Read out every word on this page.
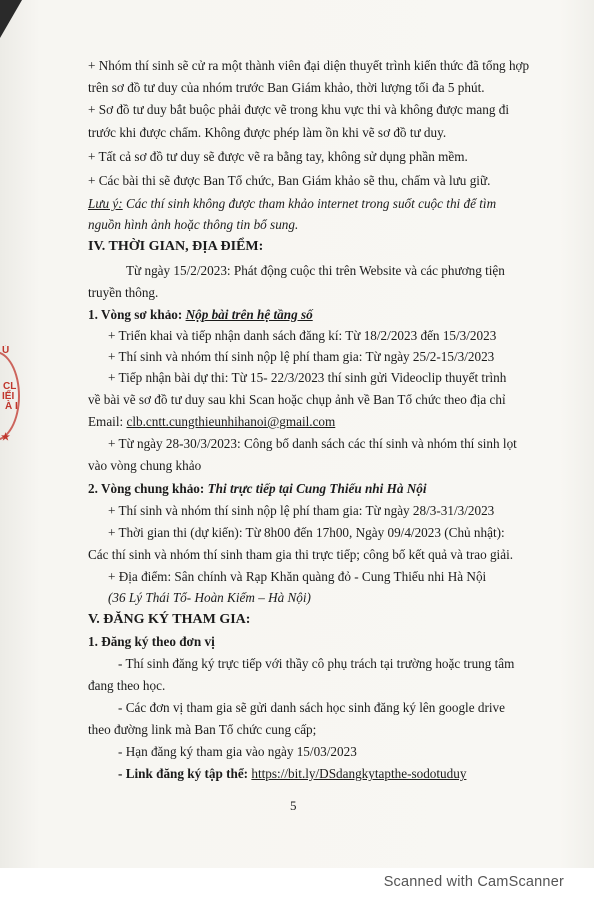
Ú
CL
IẾI
À I
★
+ Nhóm thí sinh sẽ cử ra một thành viên đại diện thuyết trình kiến thức đã tổng hợp
trên sơ đồ tư duy của nhóm trước Ban Giám khảo, thời lượng tối đa 5 phút.
+ Sơ đồ tư duy bắt buộc phải được vẽ trong khu vực thi và không được mang đi
trước khi được chấm. Không được phép làm ồn khi vẽ sơ đồ tư duy.
+ Tất cả sơ đồ tư duy sẽ được vẽ ra bằng tay, không sử dụng phần mềm.
+ Các bài thi sẽ được Ban Tổ chức, Ban Giám khảo sẽ thu, chấm và lưu giữ.
Lưu ý: Các thí sinh không được tham khảo internet trong suốt cuộc thi để tìm
nguồn hình ảnh hoặc thông tin bổ sung.
IV. THỜI GIAN, ĐỊA ĐIỂM:
Từ ngày 15/2/2023: Phát động cuộc thi trên Website và các phương tiện
truyền thông.
1. Vòng sơ khảo: Nộp bài trên hệ tầng số
+ Triển khai và tiếp nhận danh sách đăng kí: Từ 18/2/2023 đến 15/3/2023
+ Thí sinh và nhóm thí sinh nộp lệ phí tham gia: Từ ngày 25/2-15/3/2023
+ Tiếp nhận bài dự thi: Từ 15- 22/3/2023 thí sinh gửi Videoclip thuyết trình
về bài vẽ sơ đồ tư duy sau khi Scan hoặc chụp ảnh về Ban Tổ chức theo địa chỉ
Email: clb.cntt.cungthieunhihanoi@gmail.com
+ Từ ngày 28-30/3/2023: Công bố danh sách các thí sinh và nhóm thí sinh lọt
vào vòng chung khảo
2. Vòng chung khảo: Thi trực tiếp tại Cung Thiếu nhi Hà Nội
+ Thí sinh và nhóm thí sinh nộp lệ phí tham gia: Từ ngày 28/3-31/3/2023
+ Thời gian thi (dự kiến): Từ 8h00 đến 17h00, Ngày 09/4/2023 (Chủ nhật):
Các thí sinh và nhóm thí sinh tham gia thi trực tiếp; công bố kết quả và trao giải.
+ Địa điểm: Sân chính và Rạp Khăn quàng đỏ - Cung Thiếu nhi Hà Nội
(36 Lý Thái Tổ- Hoàn Kiếm – Hà Nội)
V. ĐĂNG KÝ THAM GIA:
1. Đăng ký theo đơn vị
- Thí sinh đăng ký trực tiếp với thầy cô phụ trách tại trường hoặc trung tâm
đang theo học.
- Các đơn vị tham gia sẽ gửi danh sách học sinh đăng ký lên google drive
theo đường link mà Ban Tổ chức cung cấp;
- Hạn đăng ký tham gia vào ngày 15/03/2023
- Link đăng ký tập thể: https://bit.ly/DSdangkytapthe-sodotuduy
5
Scanned with CamScanner
